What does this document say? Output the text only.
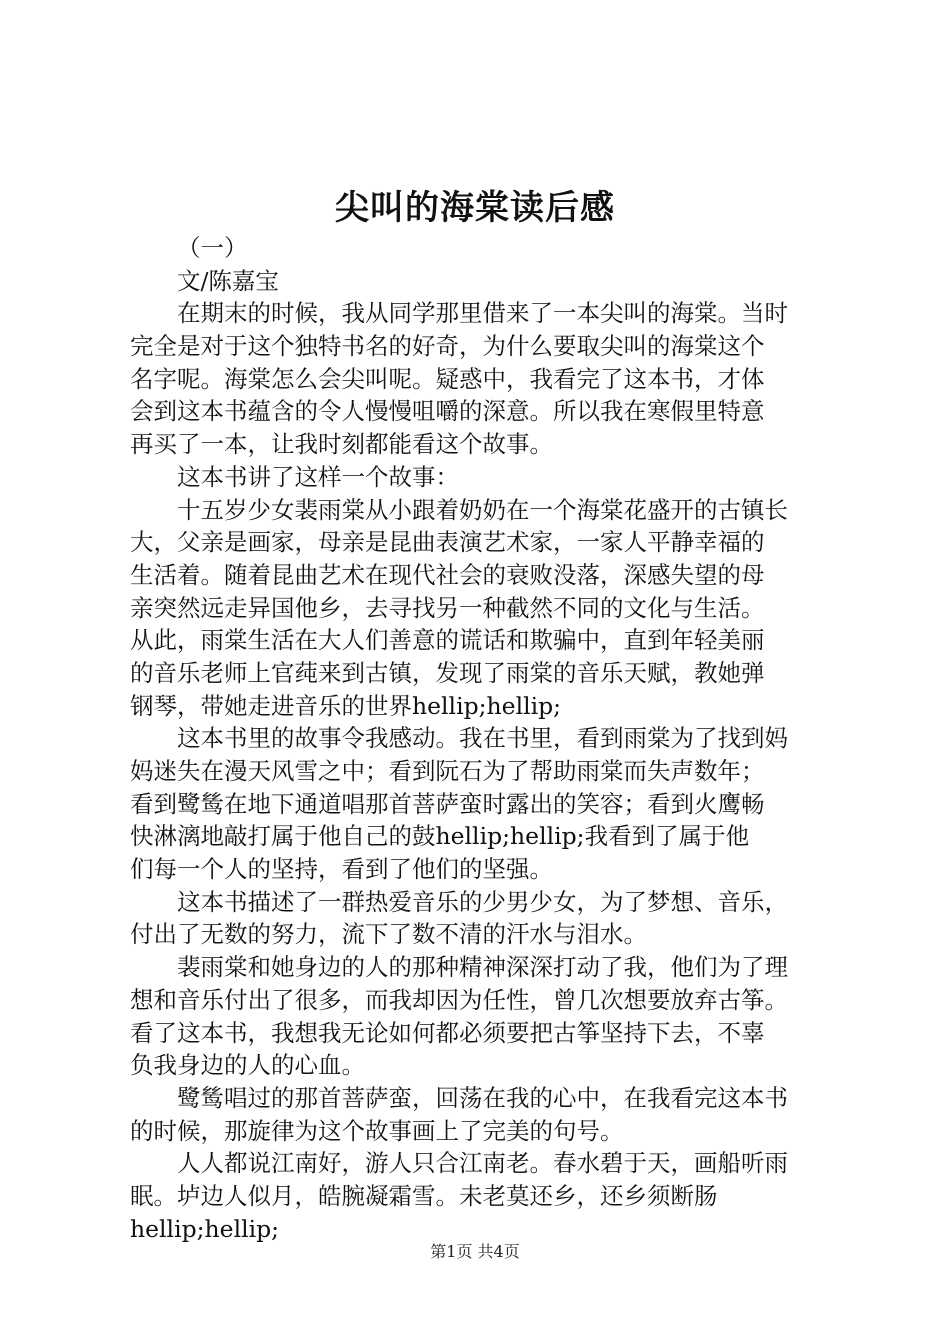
尖叫的海棠读后感
（一）
文/陈嘉宝
在期末的时候，我从同学那里借来了一本尖叫的海棠。当时
完全是对于这个独特书名的好奇，为什么要取尖叫的海棠这个
名字呢。海棠怎么会尖叫呢。疑惑中，我看完了这本书，才体
会到这本书蕴含的令人慢慢咀嚼的深意。所以我在寒假里特意
再买了一本，让我时刻都能看这个故事。
这本书讲了这样一个故事：
十五岁少女裴雨棠从小跟着奶奶在一个海棠花盛开的古镇长
大，父亲是画家，母亲是昆曲表演艺术家，一家人平静幸福的
生活着。随着昆曲艺术在现代社会的衰败没落，深感失望的母
亲突然远走异国他乡，去寻找另一种截然不同的文化与生活。
从此，雨棠生活在大人们善意的谎话和欺骗中，直到年轻美丽
的音乐老师上官莼来到古镇，发现了雨棠的音乐天赋，教她弹
钢琴，带她走进音乐的世界hellip;hellip;
这本书里的故事令我感动。我在书里，看到雨棠为了找到妈
妈迷失在漫天风雪之中；看到阮石为了帮助雨棠而失声数年；
看到鹭鸶在地下通道唱那首菩萨蛮时露出的笑容；看到火鹰畅
快淋漓地敲打属于他自己的鼓hellip;hellip;我看到了属于他
们每一个人的坚持，看到了他们的坚强。
这本书描述了一群热爱音乐的少男少女，为了梦想、音乐，
付出了无数的努力，流下了数不清的汗水与泪水。
裴雨棠和她身边的人的那种精神深深打动了我，他们为了理
想和音乐付出了很多，而我却因为任性，曾几次想要放弃古筝。
看了这本书，我想我无论如何都必须要把古筝坚持下去，不辜
负我身边的人的心血。
鹭鸶唱过的那首菩萨蛮，回荡在我的心中，在我看完这本书
的时候，那旋律为这个故事画上了完美的句号。
人人都说江南好，游人只合江南老。春水碧于天，画船听雨
眠。垆边人似月，皓腕凝霜雪。未老莫还乡，还乡须断肠
hellip;hellip;
第1页 共4页
